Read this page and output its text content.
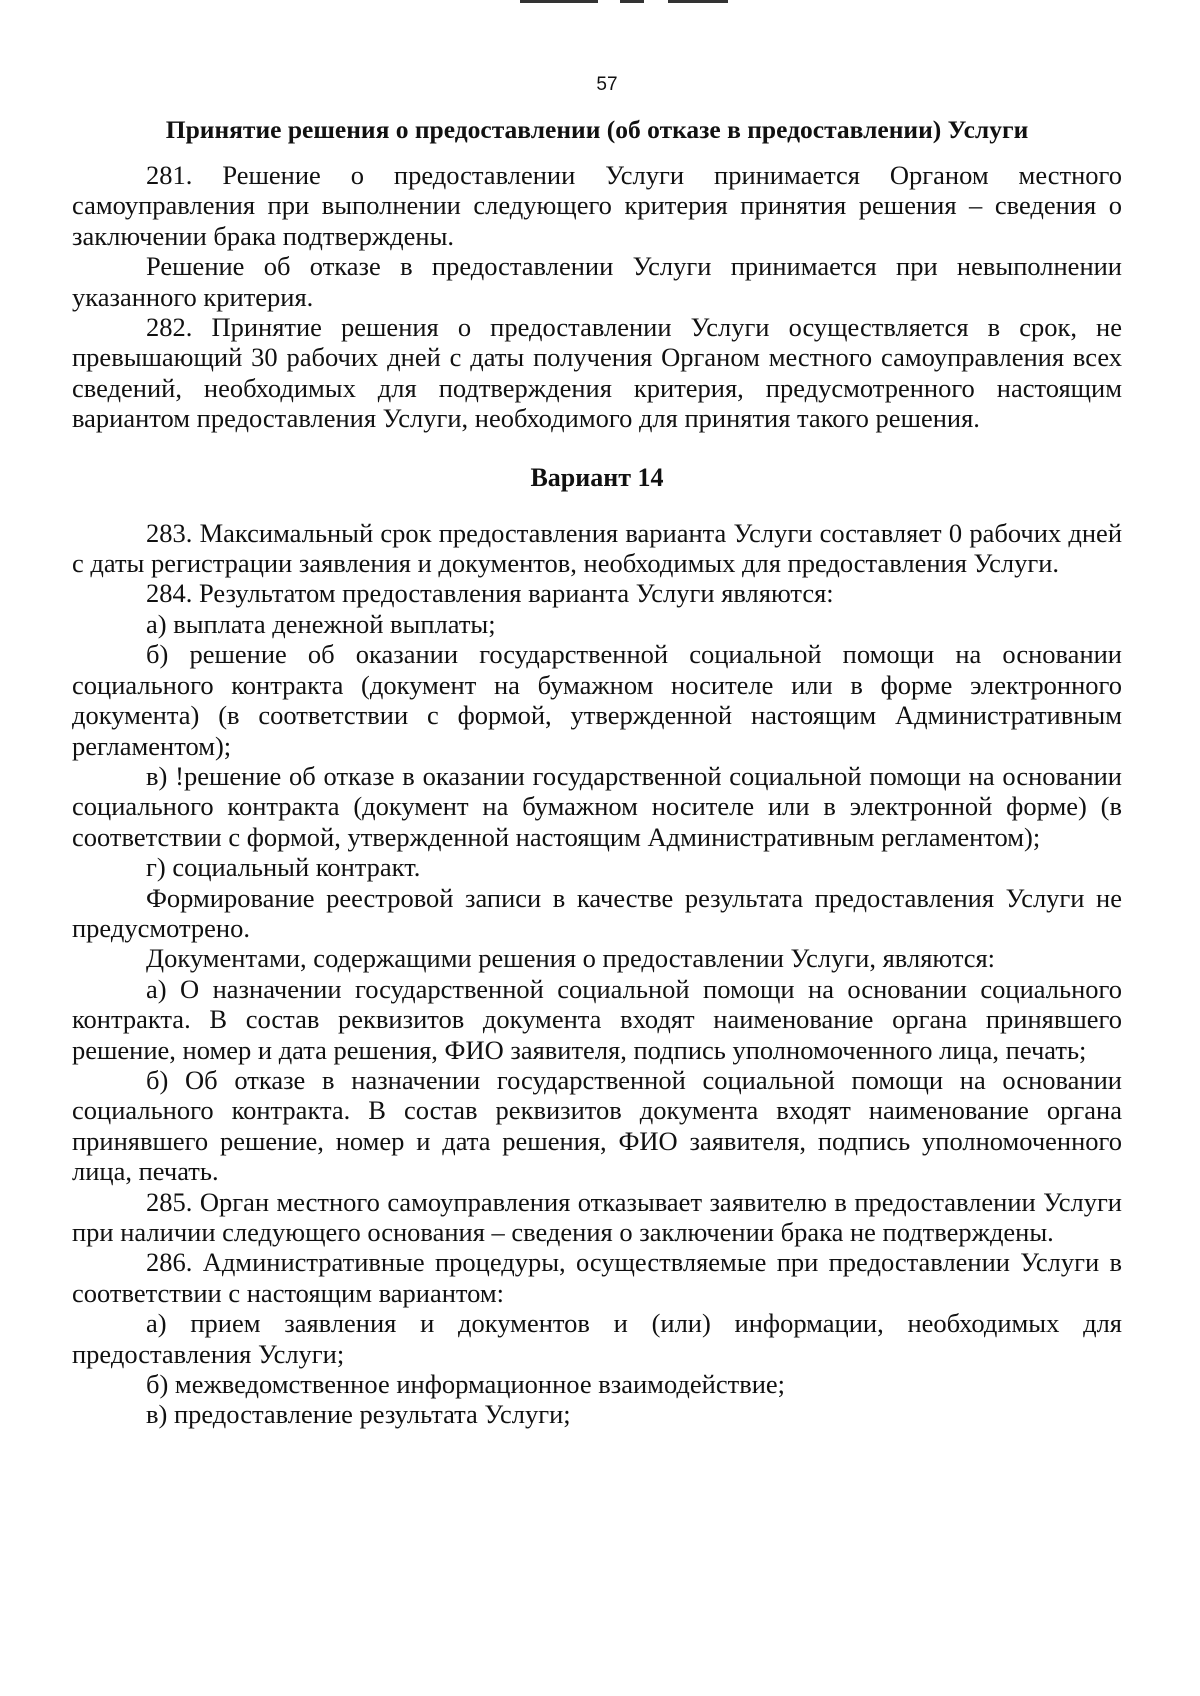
57
Принятие решения о предоставлении (об отказе в предоставлении) Услуги

281. Решение о предоставлении Услуги принимается Органом местного самоуправления при выполнении следующего критерия принятия решения – сведения о заключении брака подтверждены.

Решение об отказе в предоставлении Услуги принимается при невыполнении указанного критерия.

282. Принятие решения о предоставлении Услуги осуществляется в срок, не превышающий 30 рабочих дней с даты получения Органом местного самоуправления всех сведений, необходимых для подтверждения критерия, предусмотренного настоящим вариантом предоставления Услуги, необходимого для принятия такого решения.

Вариант 14

283. Максимальный срок предоставления варианта Услуги составляет 0 рабочих дней с даты регистрации заявления и документов, необходимых для предоставления Услуги.

284. Результатом предоставления варианта Услуги являются:

а) выплата денежной выплаты;

б) решение об оказании государственной социальной помощи на основании социального контракта (документ на бумажном носителе или в форме электронного документа) (в соответствии с формой, утвержденной настоящим Административным регламентом);

в) !решение об отказе в оказании государственной социальной помощи на основании социального контракта (документ на бумажном носителе или в электронной форме) (в соответствии с формой, утвержденной настоящим Административным регламентом);

г) социальный контракт.

Формирование реестровой записи в качестве результата предоставления Услуги не предусмотрено.

Документами, содержащими решения о предоставлении Услуги, являются:

а) О назначении государственной социальной помощи на основании социального контракта. В состав реквизитов документа входят наименование органа принявшего решение, номер и дата решения, ФИО заявителя, подпись уполномоченного лица, печать;

б) Об отказе в назначении государственной социальной помощи на основании социального контракта. В состав реквизитов документа входят наименование органа принявшего решение, номер и дата решения, ФИО заявителя, подпись уполномоченного лица, печать.

285. Орган местного самоуправления отказывает заявителю в предоставлении Услуги при наличии следующего основания – сведения о заключении брака не подтверждены.

286. Административные процедуры, осуществляемые при предоставлении Услуги в соответствии с настоящим вариантом:

а) прием заявления и документов и (или) информации, необходимых для предоставления Услуги;

б) межведомственное информационное взаимодействие;

в) предоставление результата Услуги;
